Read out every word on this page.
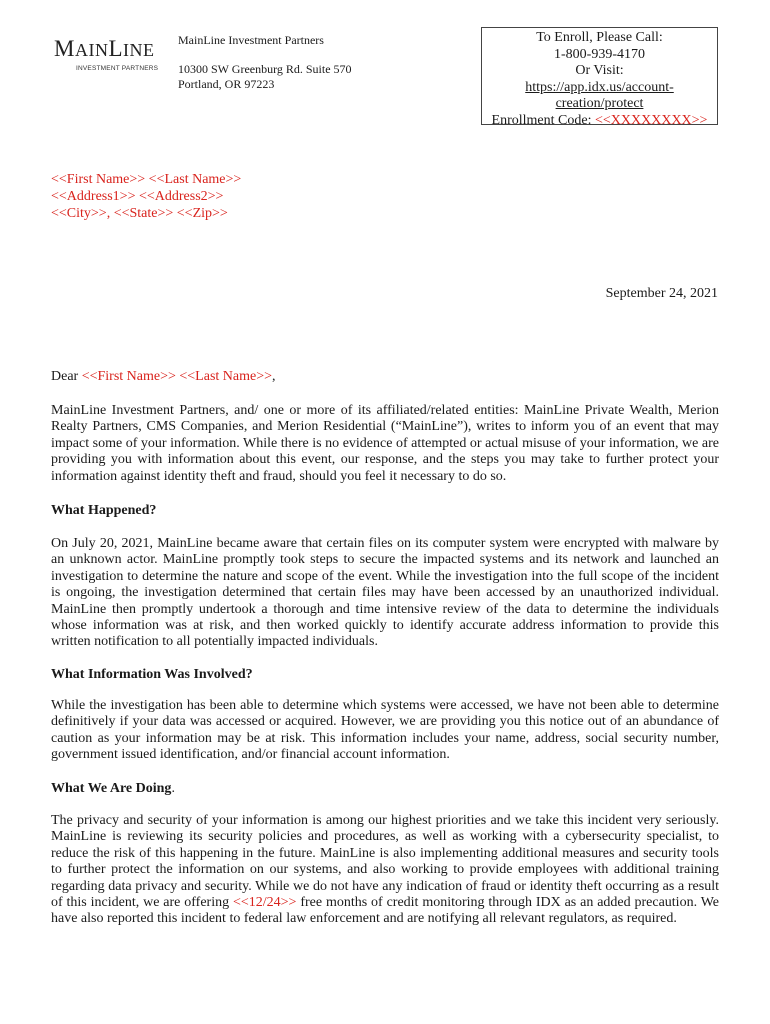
MAINLINE
INVESTMENT PARTNERS
MainLine Investment Partners
10300 SW Greenburg Rd. Suite 570
Portland, OR 97223
To Enroll, Please Call:
1-800-939-4170
Or Visit:
https://app.idx.us/account-
creation/protect
Enrollment Code: <<XXXXXXXX>>
<<First Name>> <<Last Name>>
<<Address1>> <<Address2>>
<<City>>, <<State>> <<Zip>>
September 24, 2021
Dear <<First Name>> <<Last Name>>,

MainLine Investment Partners, and/ one or more of its affiliated/related entities: MainLine Private Wealth, Merion Realty Partners, CMS Companies, and Merion Residential (“MainLine”), writes to inform you of an event that may impact some of your information. While there is no evidence of attempted or actual misuse of your information, we are providing you with information about this event, our response, and the steps you may take to further protect your information against identity theft and fraud, should you feel it necessary to do so.

What Happened?

On July 20, 2021, MainLine became aware that certain files on its computer system were encrypted with malware by an unknown actor. MainLine promptly took steps to secure the impacted systems and its network and launched an investigation to determine the nature and scope of the event. While the investigation into the full scope of the incident is ongoing, the investigation determined that certain files may have been accessed by an unauthorized individual. MainLine then promptly undertook a thorough and time intensive review of the data to determine the individuals whose information was at risk, and then worked quickly to identify accurate address information to provide this written notification to all potentially impacted individuals.

What Information Was Involved?

While the investigation has been able to determine which systems were accessed, we have not been able to determine definitively if your data was accessed or acquired. However, we are providing you this notice out of an abundance of caution as your information may be at risk. This information includes your name, address, social security number, government issued identification, and/or financial account information.

What We Are Doing.

The privacy and security of your information is among our highest priorities and we take this incident very seriously. MainLine is reviewing its security policies and procedures, as well as working with a cybersecurity specialist, to reduce the risk of this happening in the future. MainLine is also implementing additional measures and security tools to further protect the information on our systems, and also working to provide employees with additional training regarding data privacy and security. While we do not have any indication of fraud or identity theft occurring as a result of this incident, we are offering <<12/24>> free months of credit monitoring through IDX as an added precaution. We have also reported this incident to federal law enforcement and are notifying all relevant regulators, as required.
